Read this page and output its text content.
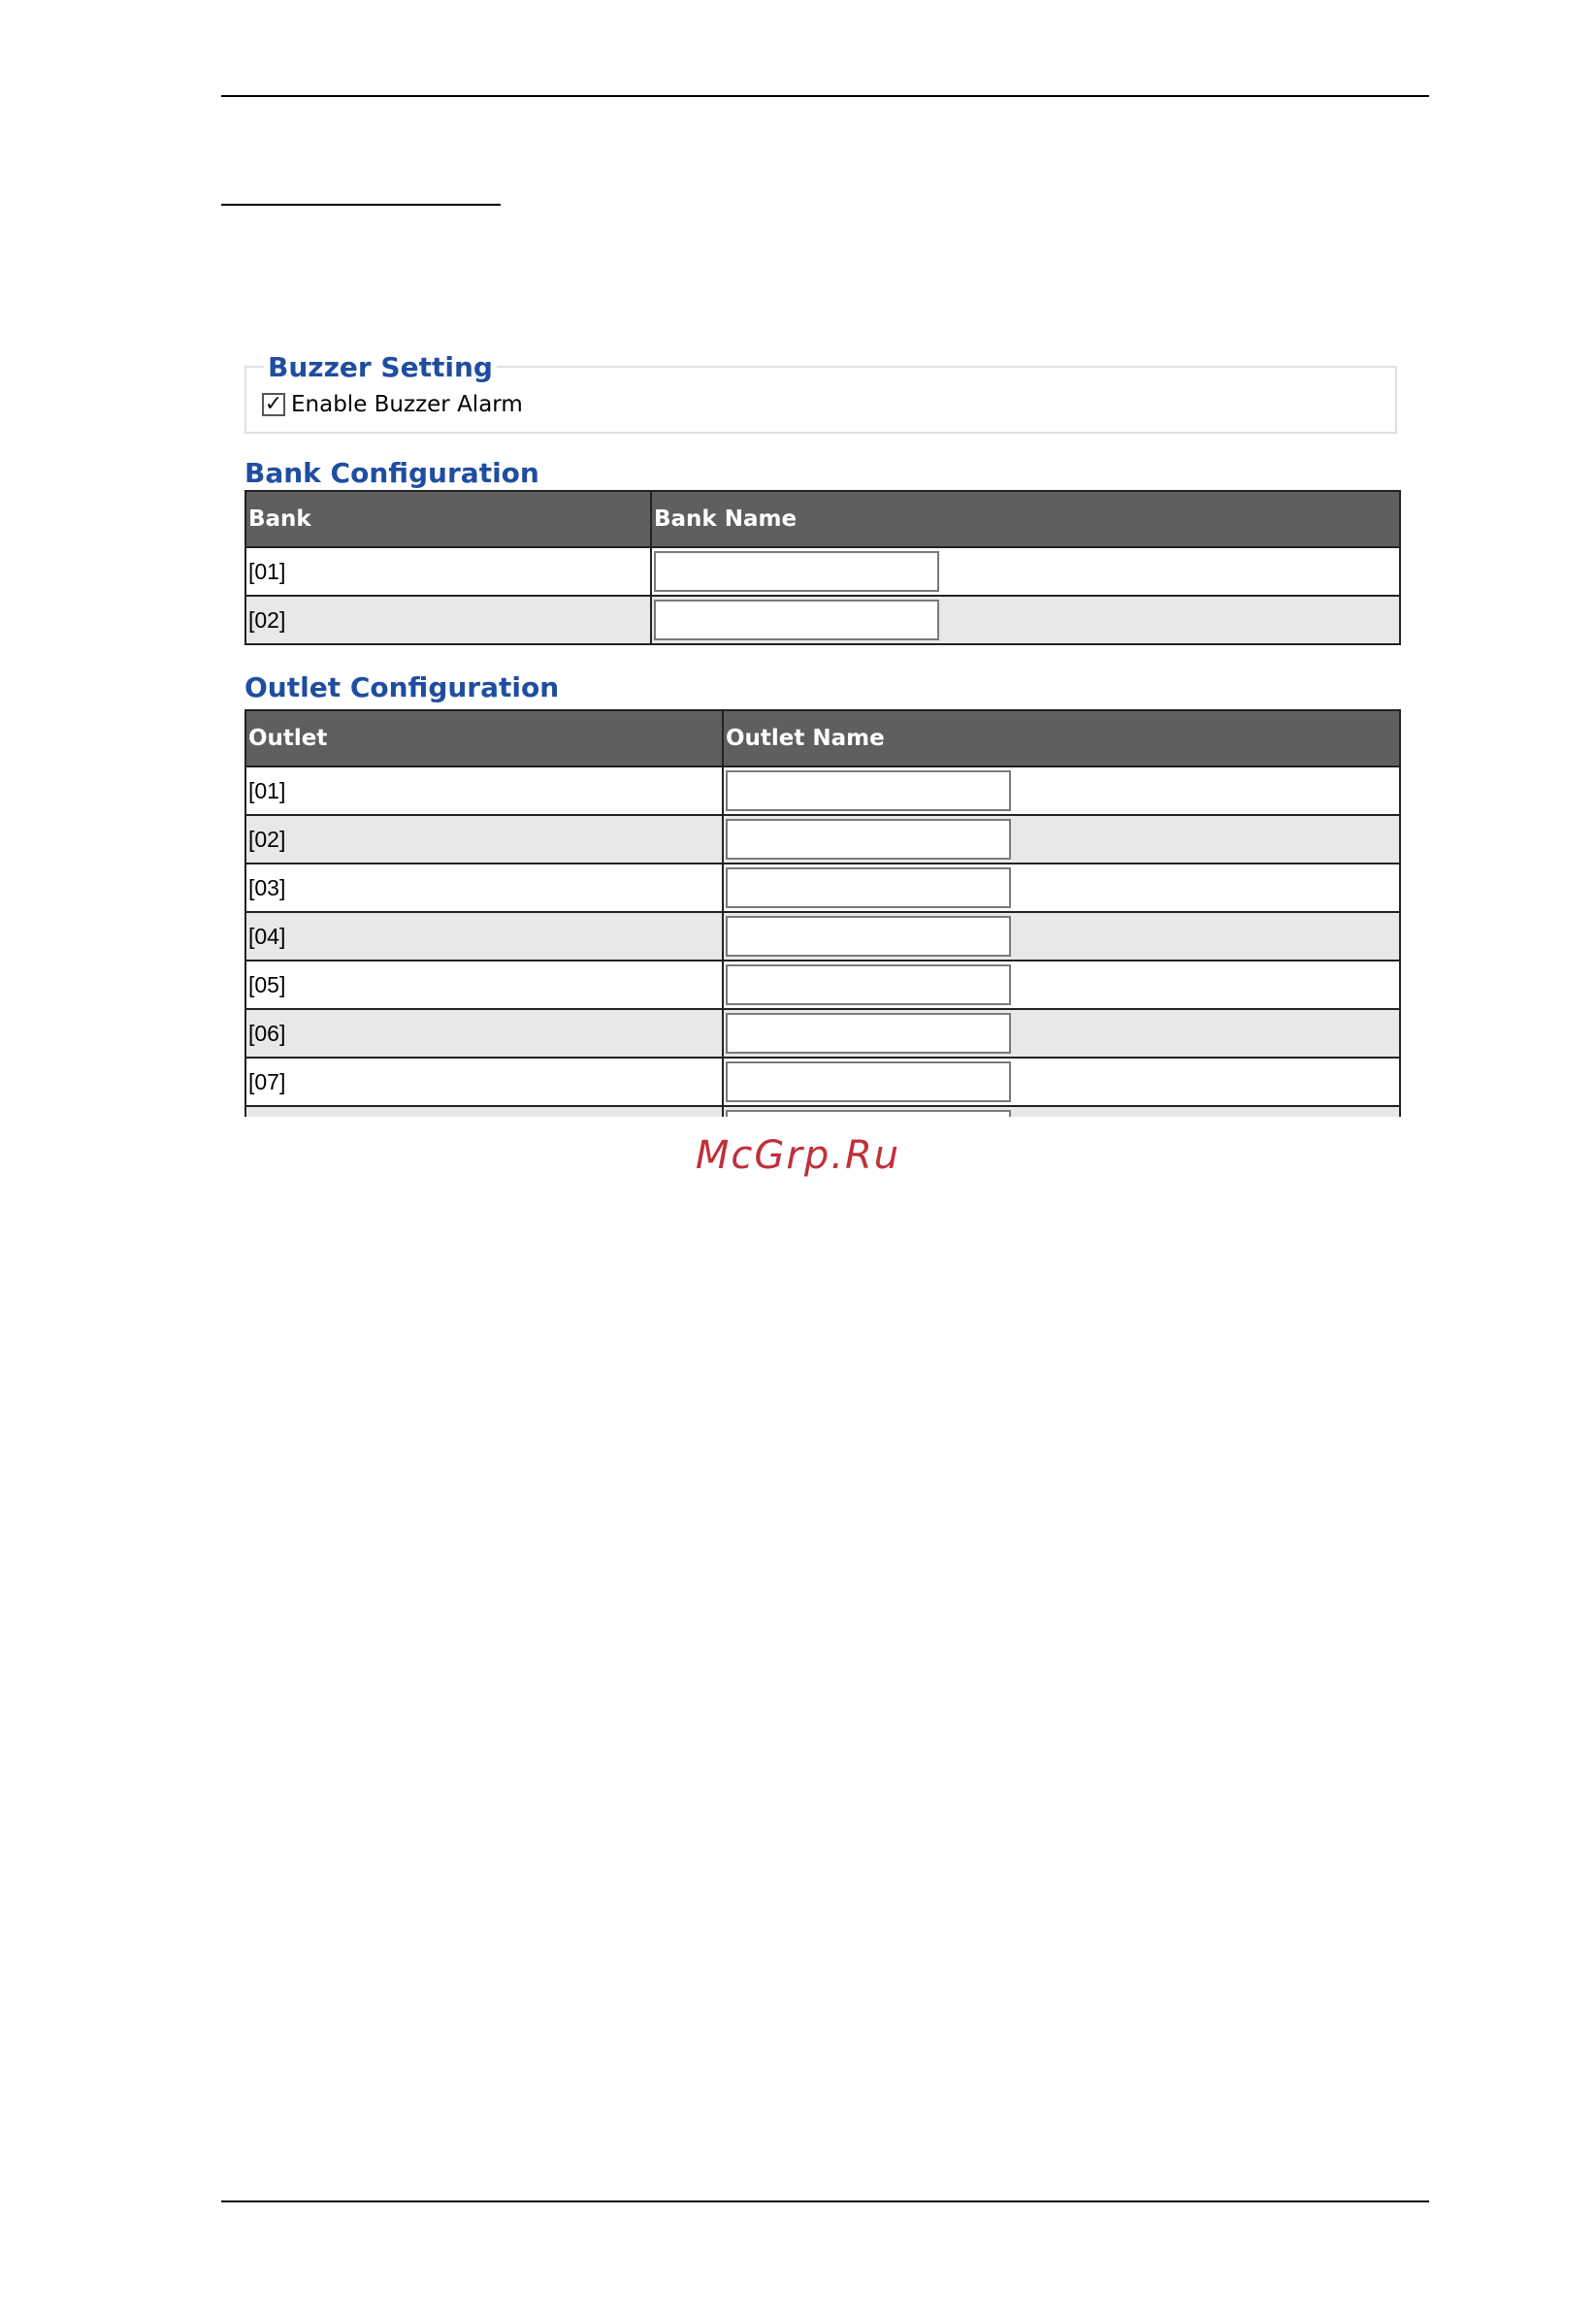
Buzzer Setting
✓ Enable Buzzer Alarm
Bank Configuration
Bank	Bank Name
[01]	

[02]	
Outlet Configuration
Outlet	Outlet Name
[01]	

[02]	

[03]	

[04]	

[05]	

[06]	

[07]	

McGrp.Ru
